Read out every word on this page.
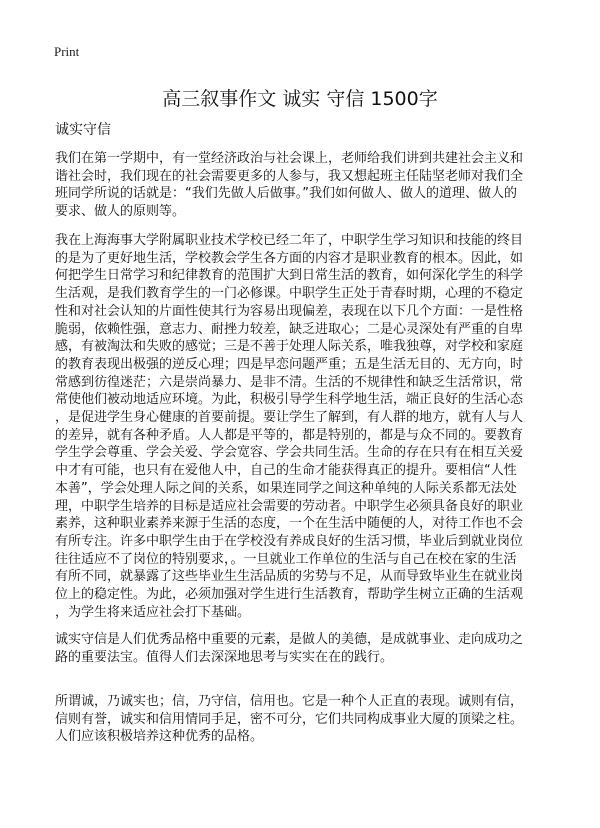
Print
高三叙事作文 诚实 守信 1500字
诚实守信
我们在第一学期中，有一堂经济政治与社会课上，老师给我们讲到共建社会主义和
谐社会时，我们现在的社会需要更多的人参与，我又想起班主任陆坚老师对我们全
班同学所说的话就是：“我们先做人后做事。”我们如何做人、做人的道理、做人的
要求、做人的原则等。
我在上海海事大学附属职业技术学校已经二年了，中职学生学习知识和技能的终目
的是为了更好地生活，学校教会学生各方面的内容才是职业教育的根本。因此，如
何把学生日常学习和纪律教育的范围扩大到日常生活的教育，如何深化学生的科学
生活观，是我们教育学生的一门必修课。中职学生正处于青春时期，心理的不稳定
性和对社会认知的片面性使其行为容易出现偏差，表现在以下几个方面：一是性格
脆弱，依赖性强，意志力、耐挫力较差，缺乏进取心；二是心灵深处有严重的自卑
感，有被淘汰和失败的感觉；三是不善于处理人际关系，唯我独尊，对学校和家庭
的教育表现出极强的逆反心理；四是早恋问题严重；五是生活无目的、无方向，时
常感到彷徨迷茫；六是崇尚暴力、是非不清。生活的不规律性和缺乏生活常识，常
常使他们被动地适应环境。为此，积极引导学生科学地生活，端正良好的生活心态
，是促进学生身心健康的首要前提。要让学生了解到，有人群的地方，就有人与人
的差异，就有各种矛盾。人人都是平等的，都是特别的，都是与众不同的。要教育
学生学会尊重、学会关爱、学会宽容、学会共同生活。生命的存在只有在相互关爱
中才有可能，也只有在爱他人中，自己的生命才能获得真正的提升。要相信“人性
本善”，学会处理人际之间的关系，如果连同学之间这种单纯的人际关系都无法处
理，中职学生培养的目标是适应社会需要的劳动者。中职学生必须具备良好的职业
素养，这种职业素养来源于生活的态度，一个在生活中随便的人，对待工作也不会
有所专注。许多中职学生由于在学校没有养成良好的生活习惯，毕业后到就业岗位
往往适应不了岗位的特别要求，。一旦就业工作单位的生活与自己在校在家的生活
有所不同，就暴露了这些毕业生生活品质的劣势与不足，从而导致毕业生在就业岗
位上的稳定性。为此，必须加强对学生进行生活教育，帮助学生树立正确的生活观
，为学生将来适应社会打下基础。
诚实守信是人们优秀品格中重要的元素，是做人的美德，是成就事业、走向成功之
路的重要法宝。值得人们去深深地思考与实实在在的践行。
所谓诚，乃诚实也；信，乃守信，信用也。它是一种个人正直的表现。诚则有信，
信则有誉，诚实和信用情同手足，密不可分，它们共同构成事业大厦的顶梁之柱。
人们应该积极培养这种优秀的品格。
